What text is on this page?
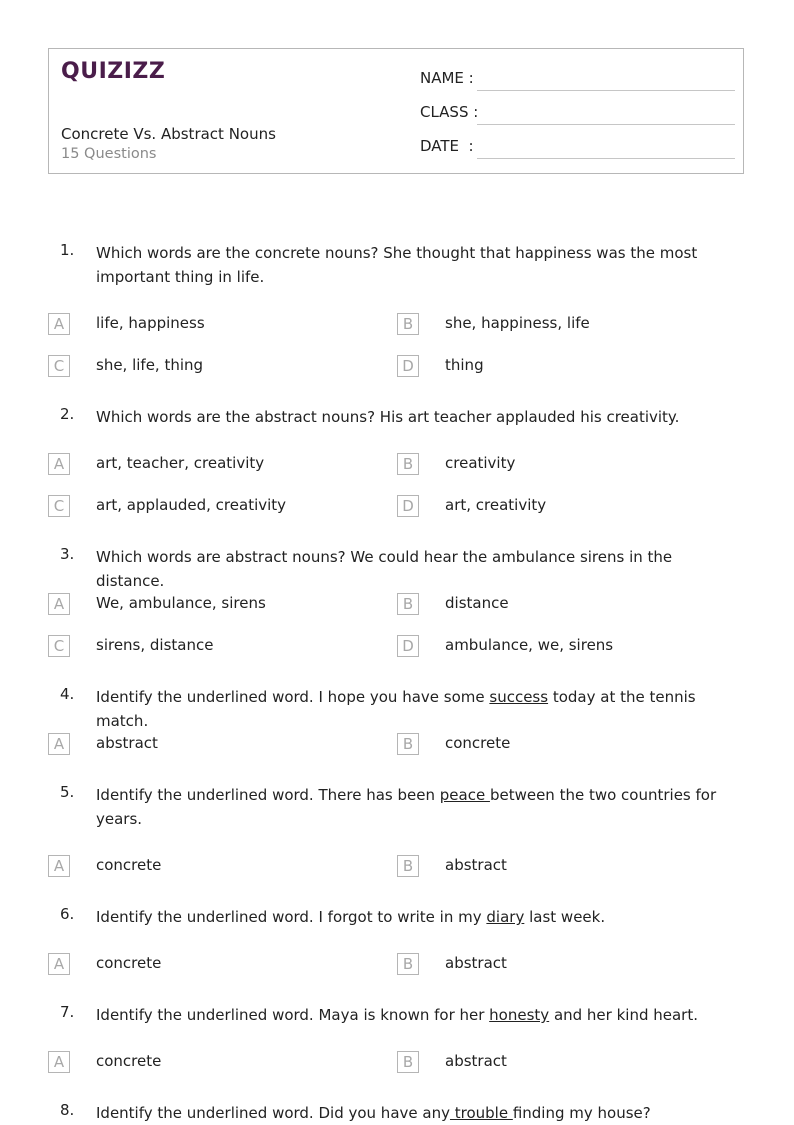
QUIZIZZ
Concrete Vs. Abstract Nouns
15 Questions
NAME :
CLASS :
DATE  :
1. Which words are the concrete nouns? She thought that happiness was the most important thing in life.
A	life, happiness	B	she, happiness, life
C	she, life, thing	D	thing
2. Which words are the abstract nouns? His art teacher applauded his creativity.
A	art, teacher, creativity	B	creativity
C	art, applauded, creativity	D	art, creativity
3. Which words are abstract nouns? We could hear the ambulance sirens in the distance.
A	We, ambulance, sirens	B	distance
C	sirens, distance	D	ambulance, we, sirens
4. Identify the underlined word. I hope you have some success today at the tennis match.
A	abstract	B	concrete
5. Identify the underlined word. There has been peace between the two countries for years.
A	concrete	B	abstract
6. Identify the underlined word. I forgot to write in my diary last week.
A	concrete	B	abstract
7. Identify the underlined word. Maya is known for her honesty and her kind heart.
A	concrete	B	abstract
8. Identify the underlined word. Did you have any trouble finding my house?
